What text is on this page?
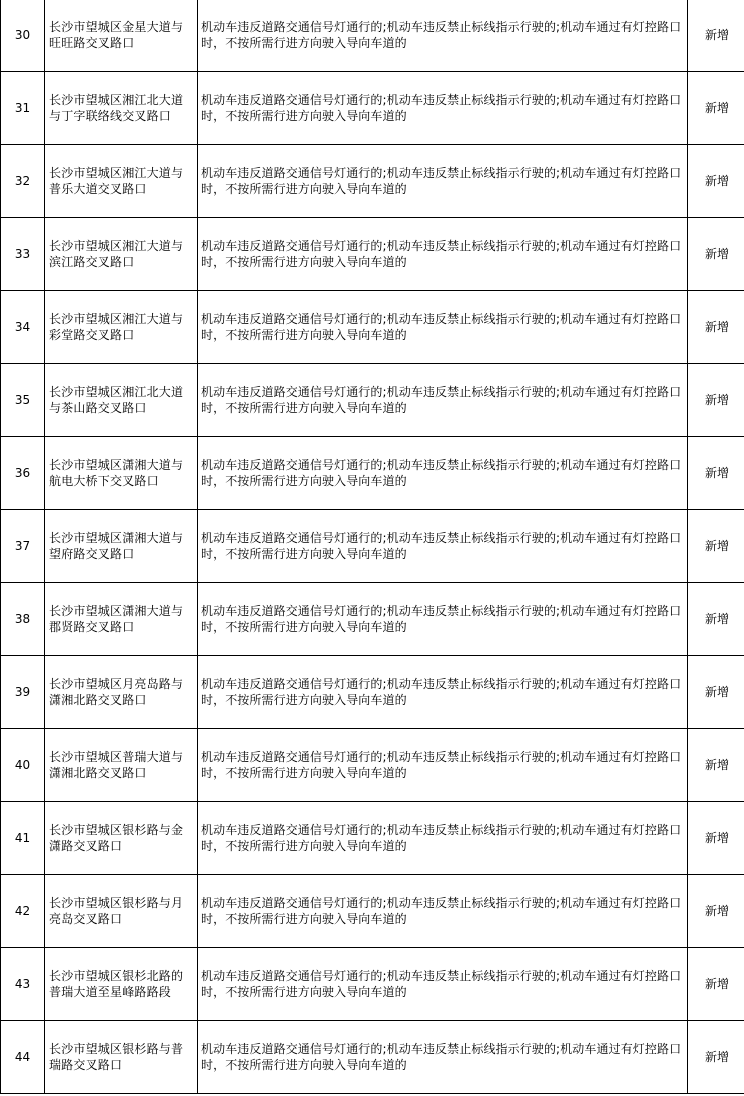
30	长沙市望城区金星大道与旺旺路交叉路口	机动车违反道路交通信号灯通行的;机动车违反禁止标线指示行驶的;机动车通过有灯控路口时，不按所需行进方向驶入导向车道的	新增
31	长沙市望城区湘江北大道与丁字联络线交叉路口	机动车违反道路交通信号灯通行的;机动车违反禁止标线指示行驶的;机动车通过有灯控路口时，不按所需行进方向驶入导向车道的	新增
32	长沙市望城区湘江大道与普乐大道交叉路口	机动车违反道路交通信号灯通行的;机动车违反禁止标线指示行驶的;机动车通过有灯控路口时，不按所需行进方向驶入导向车道的	新增
33	长沙市望城区湘江大道与滨江路交叉路口	机动车违反道路交通信号灯通行的;机动车违反禁止标线指示行驶的;机动车通过有灯控路口时，不按所需行进方向驶入导向车道的	新增
34	长沙市望城区湘江大道与彩堂路交叉路口	机动车违反道路交通信号灯通行的;机动车违反禁止标线指示行驶的;机动车通过有灯控路口时，不按所需行进方向驶入导向车道的	新增
35	长沙市望城区湘江北大道与茶山路交叉路口	机动车违反道路交通信号灯通行的;机动车违反禁止标线指示行驶的;机动车通过有灯控路口时，不按所需行进方向驶入导向车道的	新增
36	长沙市望城区潇湘大道与航电大桥下交叉路口	机动车违反道路交通信号灯通行的;机动车违反禁止标线指示行驶的;机动车通过有灯控路口时，不按所需行进方向驶入导向车道的	新增
37	长沙市望城区潇湘大道与望府路交叉路口	机动车违反道路交通信号灯通行的;机动车违反禁止标线指示行驶的;机动车通过有灯控路口时，不按所需行进方向驶入导向车道的	新增
38	长沙市望城区潇湘大道与郡贤路交叉路口	机动车违反道路交通信号灯通行的;机动车违反禁止标线指示行驶的;机动车通过有灯控路口时，不按所需行进方向驶入导向车道的	新增
39	长沙市望城区月亮岛路与潇湘北路交叉路口	机动车违反道路交通信号灯通行的;机动车违反禁止标线指示行驶的;机动车通过有灯控路口时，不按所需行进方向驶入导向车道的	新增
40	长沙市望城区普瑞大道与潇湘北路交叉路口	机动车违反道路交通信号灯通行的;机动车违反禁止标线指示行驶的;机动车通过有灯控路口时，不按所需行进方向驶入导向车道的	新增
41	长沙市望城区银杉路与金潇路交叉路口	机动车违反道路交通信号灯通行的;机动车违反禁止标线指示行驶的;机动车通过有灯控路口时，不按所需行进方向驶入导向车道的	新增
42	长沙市望城区银杉路与月亮岛交叉路口	机动车违反道路交通信号灯通行的;机动车违反禁止标线指示行驶的;机动车通过有灯控路口时，不按所需行进方向驶入导向车道的	新增
43	长沙市望城区银杉北路的普瑞大道至星峰路路段	机动车违反道路交通信号灯通行的;机动车违反禁止标线指示行驶的;机动车通过有灯控路口时，不按所需行进方向驶入导向车道的	新增
44	长沙市望城区银杉路与普瑞路交叉路口	机动车违反道路交通信号灯通行的;机动车违反禁止标线指示行驶的;机动车通过有灯控路口时，不按所需行进方向驶入导向车道的	新增
